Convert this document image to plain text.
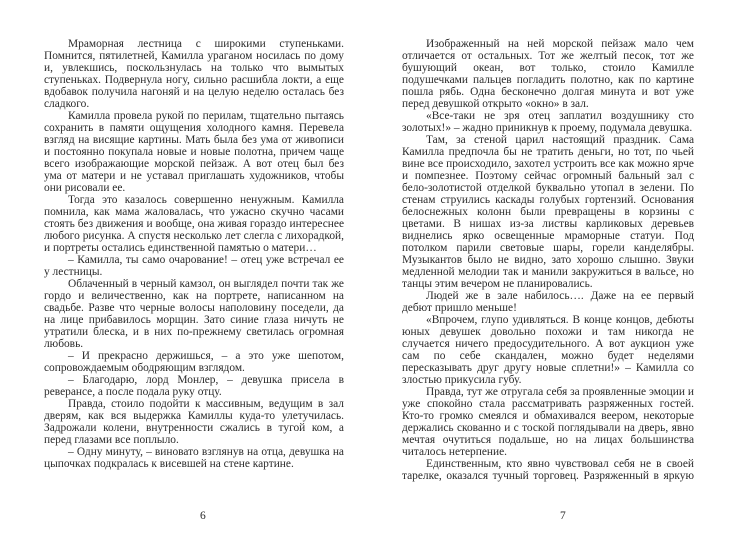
Мраморная лестница с широкими ступеньками. Помнится, пятилетней, Камилла ураганом носилась по дому и, увлекшись, поскользнулась на только что вымытых ступеньках. Подвернула ногу, сильно расшибла локти, а еще вдобавок получила нагоняй и на целую неделю осталась без сладкого.

Камилла провела рукой по перилам, тщательно пытаясь сохранить в памяти ощущения холодного камня. Перевела взгляд на висящие картины. Мать была без ума от живописи и постоянно покупала новые и новые полотна, причем чаще всего изображающие морской пейзаж. А вот отец был без ума от матери и не уставал приглашать художников, чтобы они рисовали ее.

Тогда это казалось совершенно ненужным. Камилла помнила, как мама жаловалась, что ужасно скучно часами стоять без движения и вообще, она живая гораздо интереснее любого рисунка. А спустя несколько лет слегла с лихорадкой, и портреты остались единственной памятью о матери…

– Камилла, ты само очарование! – отец уже встречал ее у лестницы.

Облаченный в черный камзол, он выглядел почти так же гордо и величественно, как на портрете, написанном на свадьбе. Разве что черные волосы наполовину поседели, да на лице прибавилось морщин. Зато синие глаза ничуть не утратили блеска, и в них по-прежнему светилась огромная любовь.

– И прекрасно держишься, – а это уже шепотом, сопровождаемым ободряющим взглядом.

– Благодарю, лорд Монлер, – девушка присела в реверансе, а после подала руку отцу.

Правда, стоило подойти к массивным, ведущим в зал дверям, как вся выдержка Камиллы куда-то улетучилась. Задрожали колени, внутренности сжались в тугой ком, а перед глазами все поплыло.

– Одну минуту, – виновато взглянув на отца, девушка на цыпочках подкралась к висевшей на стене картине.

6

Изображенный на ней морской пейзаж мало чем отличается от остальных. Тот же желтый песок, тот же бушующий океан, вот только, стоило Камилле подушечками пальцев погладить полотно, как по картине пошла рябь. Одна бесконечно долгая минута и вот уже перед девушкой открыто «окно» в зал.

«Все-таки не зря отец заплатил воздушнику сто золотых!» – жадно приникнув к проему, подумала девушка.

Там, за стеной царил настоящий праздник. Сама Камилла предпочла бы не тратить деньги, но тот, по чьей вине все происходило, захотел устроить все как можно ярче и помпезнее. Поэтому сейчас огромный бальный зал с бело-золотистой отделкой буквально утопал в зелени. По стенам струились каскады голубых гортензий. Основания белоснежных колонн были превращены в корзины с цветами. В нишах из-за листвы карликовых деревьев виднелись ярко освещенные мраморные статуи. Под потолком парили световые шары, горели канделябры. Музыкантов было не видно, зато хорошо слышно. Звуки медленной мелодии так и манили закружиться в вальсе, но танцы этим вечером не планировались.

Людей же в зале набилось…. Даже на ее первый дебют пришло меньше!

«Впрочем, глупо удивляться. В конце концов, дебюты юных девушек довольно похожи и там никогда не случается ничего предосудительного. А вот аукцион уже сам по себе скандален, можно будет неделями пересказывать друг другу новые сплетни!» – Камилла со злостью прикусила губу.

Правда, тут же отругала себя за проявленные эмоции и уже спокойно стала рассматривать разряженных гостей. Кто-то громко смеялся и обмахивался веером, некоторые держались скованно и с тоской поглядывали на дверь, явно мечтая очутиться подальше, но на лицах большинства читалось нетерпение.

Единственным, кто явно чувствовал себя не в своей тарелке, оказался тучный торговец. Разряженный в яркую

7
